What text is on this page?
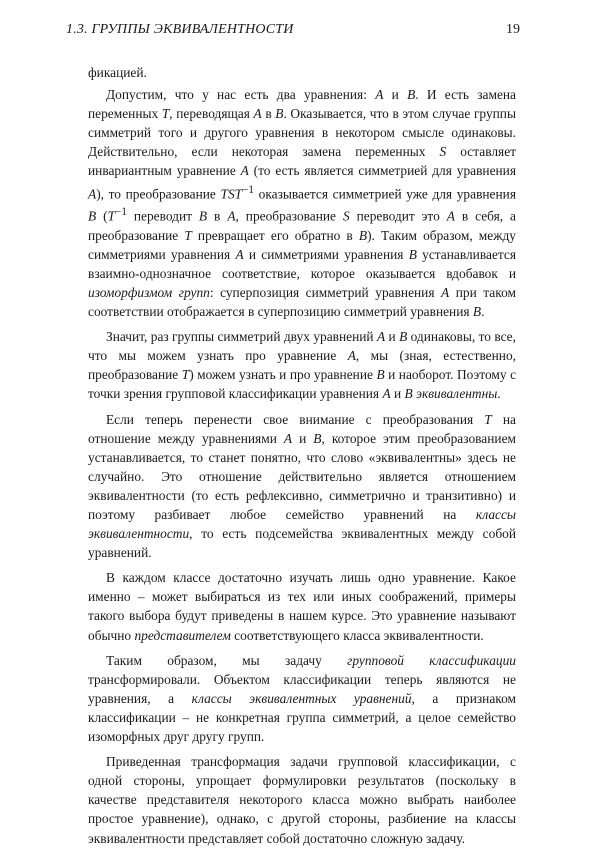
1.3. ГРУППЫ ЭКВИВАЛЕНТНОСТИ	19

фикацией.

Допустим, что у нас есть два уравнения: A и B. И есть замена переменных T, переводящая A в B. Оказывается, что в этом случае группы симметрий того и другого уравнения в некотором смысле одинаковы. Действительно, если некоторая замена переменных S оставляет инвариантным уравнение A (то есть является симметрией для уравнения A), то преобразование $TST^{-1}$ оказывается симметрией уже для уравнения B ($T^{-1}$ переводит B в A, преобразование S переводит это A в себя, а преобразование T превращает его обратно в B). Таким образом, между симметриями уравнения A и симметриями уравнения B устанавливается взаимно-однозначное соответствие, которое оказывается вдобавок и изоморфизмом групп: суперпозиция симметрий уравнения A при таком соответствии отображается в суперпозицию симметрий уравнения B.

Значит, раз группы симметрий двух уравнений A и B одинаковы, то все, что мы можем узнать про уравнение A, мы (зная, естественно, преобразование T) можем узнать и про уравнение B и наоборот. Поэтому с точки зрения групповой классификации уравнения A и B эквивалентны.

Если теперь перенести свое внимание с преобразования T на отношение между уравнениями A и B, которое этим преобразованием устанавливается, то станет понятно, что слово «эквивалентны» здесь не случайно. Это отношение действительно является отношением эквивалентности (то есть рефлексивно, симметрично и транзитивно) и поэтому разбивает любое семейство уравнений на классы эквивалентности, то есть подсемейства эквивалентных между собой уравнений.

В каждом классе достаточно изучать лишь одно уравнение. Какое именно – может выбираться из тех или иных соображений, примеры такого выбора будут приведены в нашем курсе. Это уравнение называют обычно представителем соответствующего класса эквивалентности.

Таким образом, мы задачу групповой классификации трансформировали. Объектом классификации теперь являются не уравнения, а классы эквивалентных уравнений, а признаком классификации – не конкретная группа симметрий, а целое семейство изоморфных друг другу групп.

Приведенная трансформация задачи групповой классификации, с одной стороны, упрощает формулировки результатов (поскольку в качестве представителя некоторого класса можно выбрать наиболее простое уравнение), однако, с другой стороны, разбиение на классы эквивалентности представляет собой достаточно сложную задачу.
